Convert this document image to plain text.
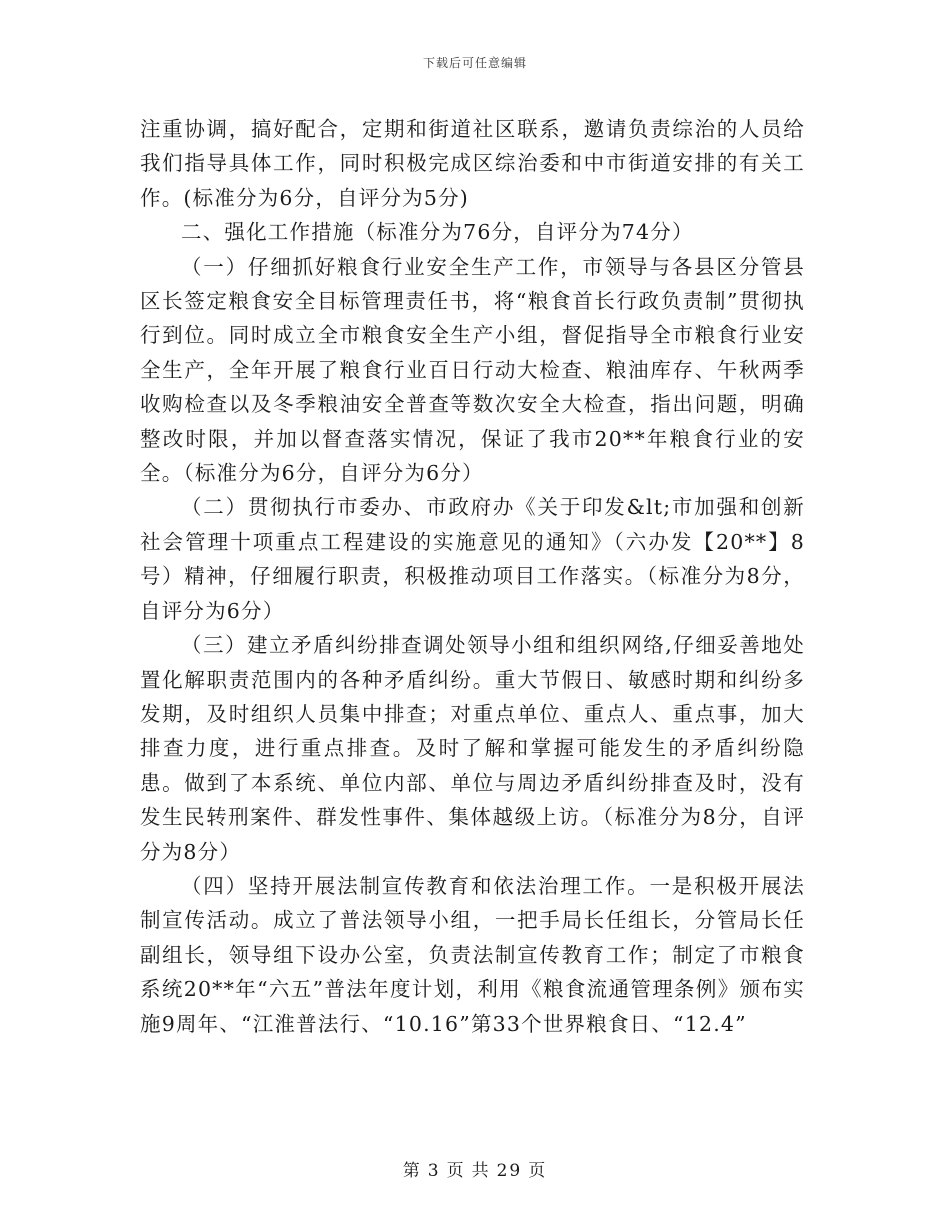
下载后可任意编辑

注重协调，搞好配合，定期和街道社区联系，邀请负责综治的人员给我们指导具体工作，同时积极完成区综治委和中市街道安排的有关工作。(标准分为6分，自评分为5分)

二、强化工作措施（标准分为76分，自评分为74分）

（一）仔细抓好粮食行业安全生产工作，市领导与各县区分管县区长签定粮食安全目标管理责任书，将“粮食首长行政负责制”贯彻执行到位。同时成立全市粮食安全生产小组，督促指导全市粮食行业安全生产，全年开展了粮食行业百日行动大检查、粮油库存、午秋两季收购检查以及冬季粮油安全普查等数次安全大检查，指出问题，明确整改时限，并加以督查落实情况，保证了我市20**年粮食行业的安全。（标准分为6分，自评分为6分）

（二）贯彻执行市委办、市政府办《关于印发&lt;市加强和创新社会管理十项重点工程建设的实施意见的通知》（六办发【20**】8号）精神，仔细履行职责，积极推动项目工作落实。（标准分为8分，自评分为6分）

（三）建立矛盾纠纷排查调处领导小组和组织网络,仔细妥善地处置化解职责范围内的各种矛盾纠纷。重大节假日、敏感时期和纠纷多发期，及时组织人员集中排查；对重点单位、重点人、重点事，加大排查力度，进行重点排查。及时了解和掌握可能发生的矛盾纠纷隐患。做到了本系统、单位内部、单位与周边矛盾纠纷排查及时，没有发生民转刑案件、群发性事件、集体越级上访。（标准分为8分，自评分为8分）

（四）坚持开展法制宣传教育和依法治理工作。一是积极开展法制宣传活动。成立了普法领导小组，一把手局长任组长，分管局长任副组长，领导组下设办公室，负责法制宣传教育工作；制定了市粮食系统20**年“六五”普法年度计划，利用《粮食流通管理条例》颁布实施9周年、“江淮普法行、“10.16”第33个世界粮食日、“12.4”

第 3 页 共 29 页
